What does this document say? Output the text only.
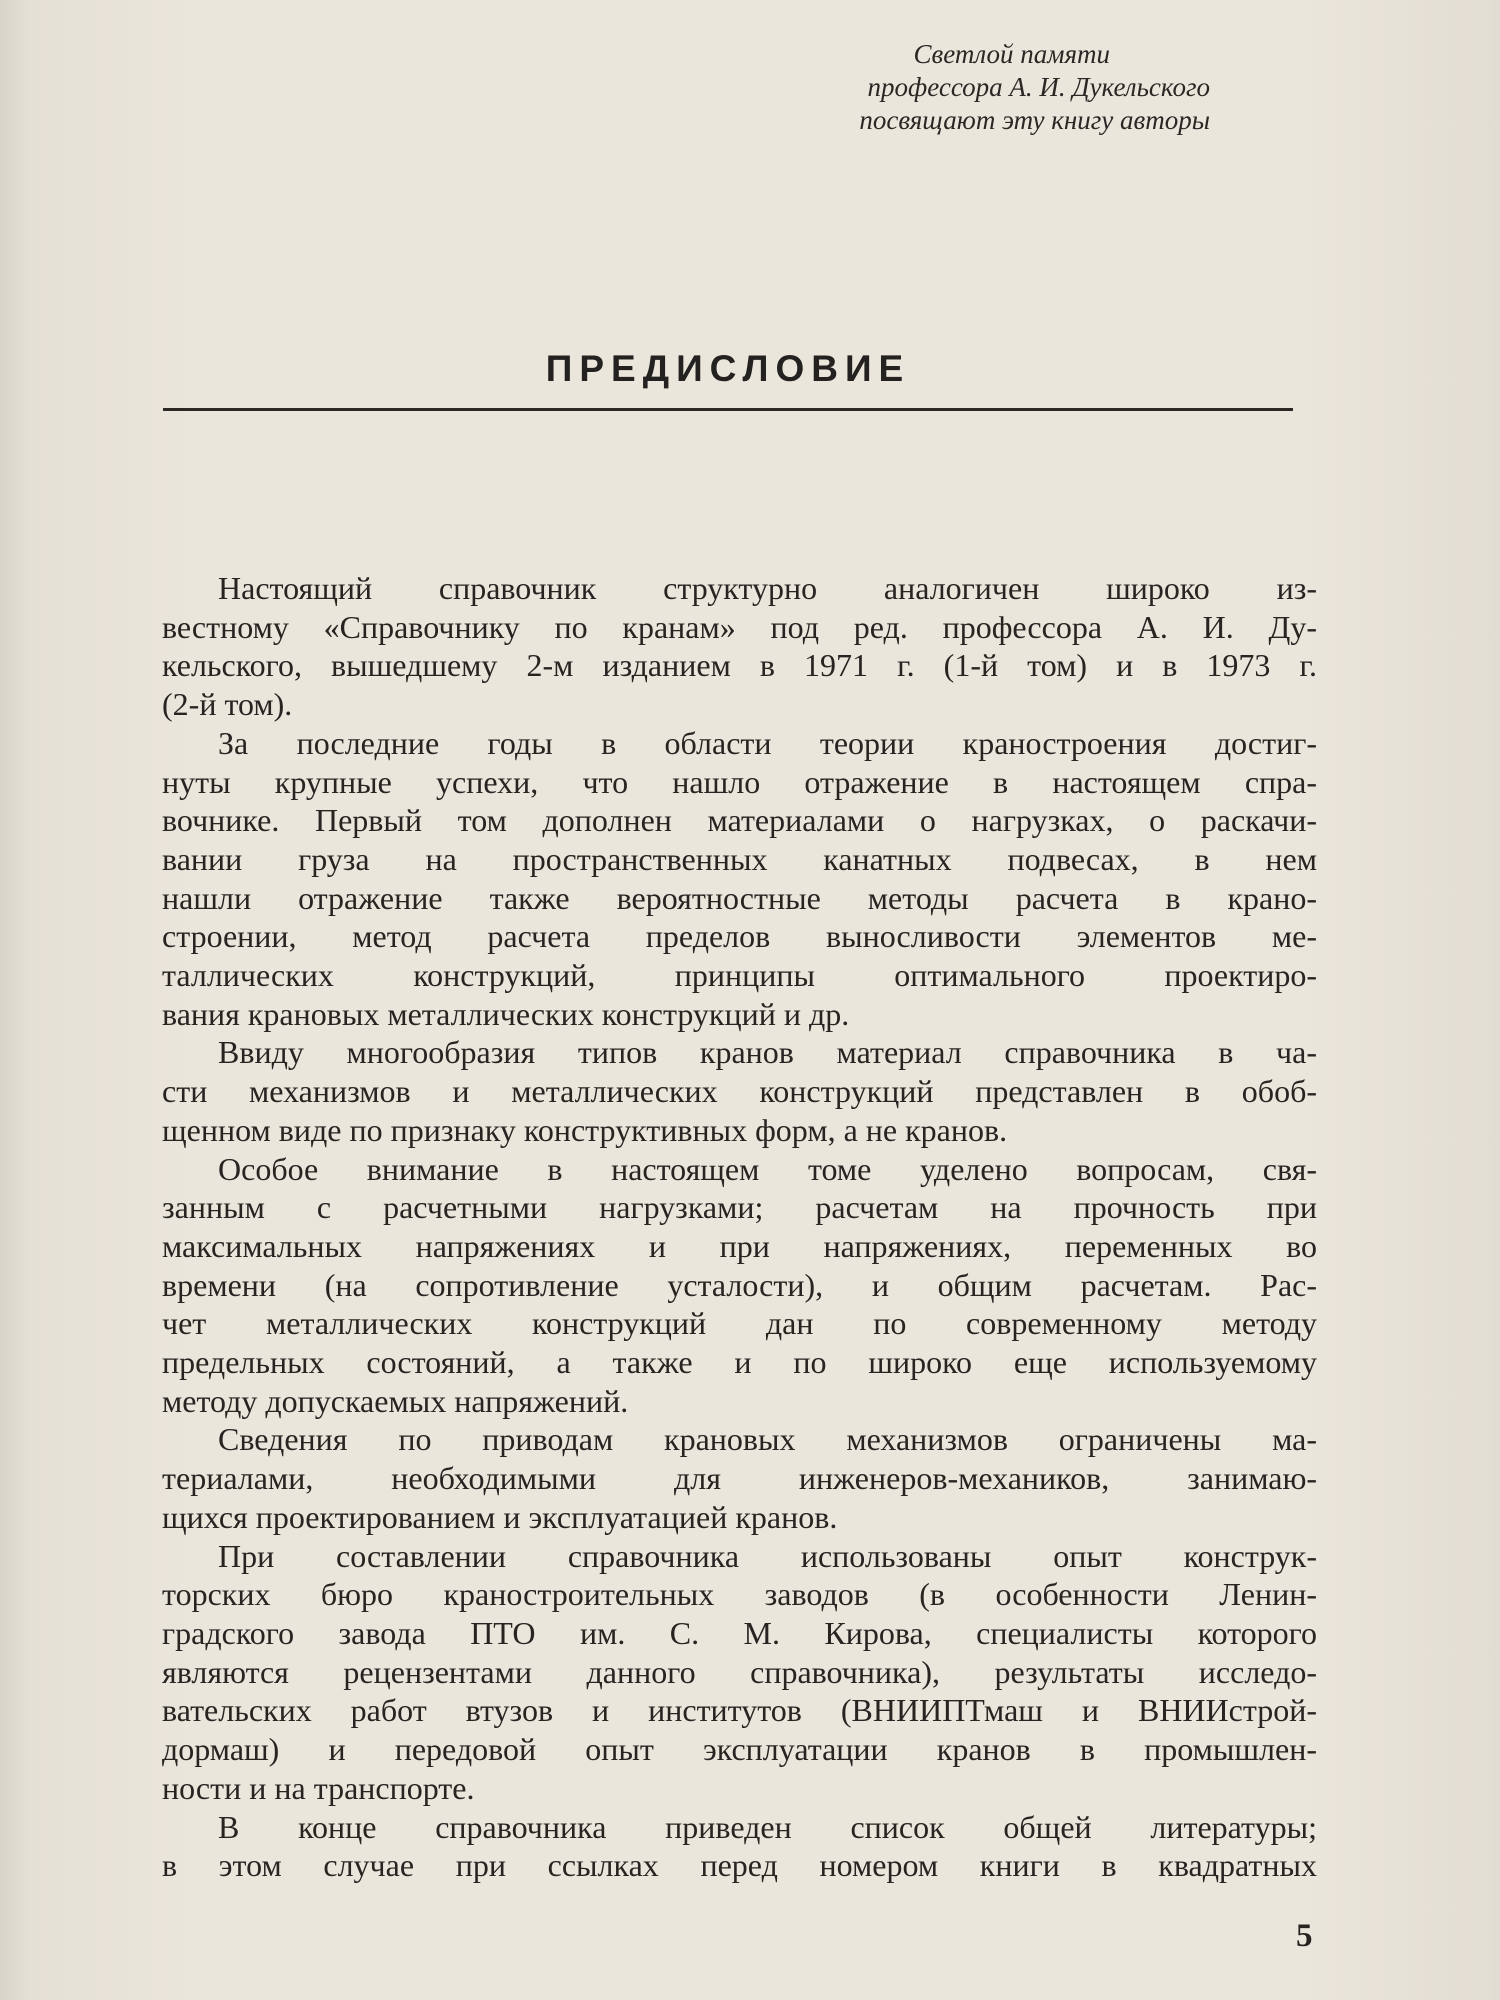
Светлой памяти
профессора А. И. Дукельского
посвящают эту книгу авторы
ПРЕДИСЛОВИЕ
Настоящий справочник структурно аналогичен широко из-
вестному «Справочнику по кранам» под ред. профессора А. И. Ду-
кельского, вышедшему 2-м изданием в 1971 г. (1-й том) и в 1973 г.
(2-й том).
За последние годы в области теории краностроения достиг-
нуты крупные успехи, что нашло отражение в настоящем спра-
вочнике. Первый том дополнен материалами о нагрузках, о раскачи-
вании груза на пространственных канатных подвесах, в нем
нашли отражение также вероятностные методы расчета в крано-
строении, метод расчета пределов выносливости элементов ме-
таллических конструкций, принципы оптимального проектиро-
вания крановых металлических конструкций и др.
Ввиду многообразия типов кранов материал справочника в ча-
сти механизмов и металлических конструкций представлен в обоб-
щенном виде по признаку конструктивных форм, а не кранов.
Особое внимание в настоящем томе уделено вопросам, свя-
занным с расчетными нагрузками; расчетам на прочность при
максимальных напряжениях и при напряжениях, переменных во
времени (на сопротивление усталости), и общим расчетам. Рас-
чет металлических конструкций дан по современному методу
предельных состояний, а также и по широко еще используемому
методу допускаемых напряжений.
Сведения по приводам крановых механизмов ограничены ма-
териалами, необходимыми для инженеров-механиков, занимаю-
щихся проектированием и эксплуатацией кранов.
При составлении справочника использованы опыт конструк-
торских бюро краностроительных заводов (в особенности Ленин-
градского завода ПТО им. С. М. Кирова, специалисты которого
являются рецензентами данного справочника), результаты исследо-
вательских работ втузов и институтов (ВНИИПТмаш и ВНИИстрой-
дормаш) и передовой опыт эксплуатации кранов в промышлен-
ности и на транспорте.
В конце справочника приведен список общей литературы;
в этом случае при ссылках перед номером книги в квадратных
5
